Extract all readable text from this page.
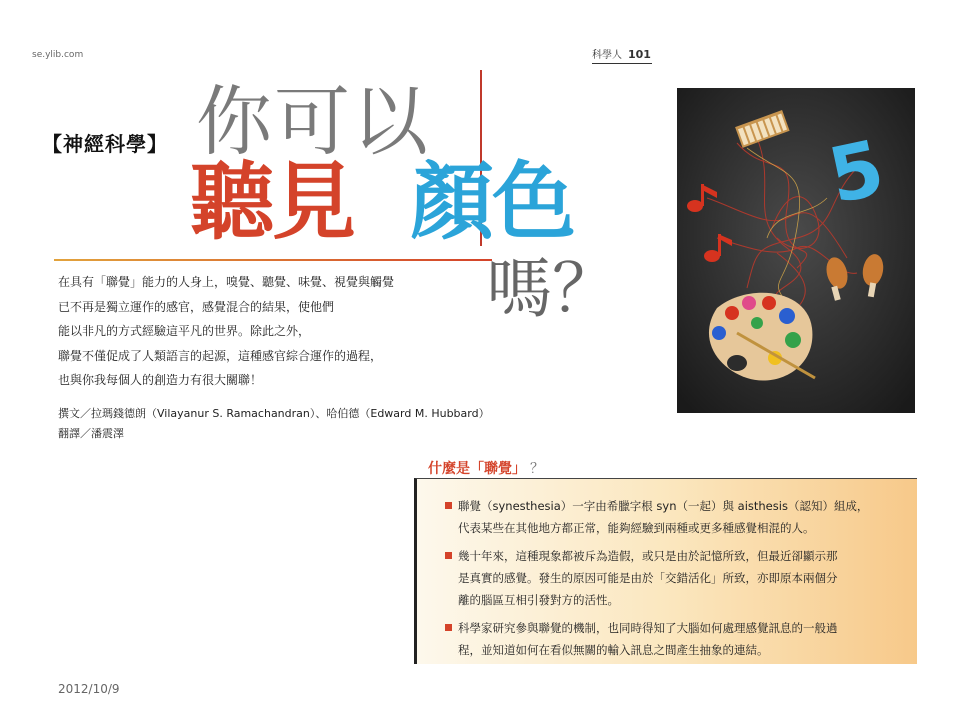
se.ylib.com	科學人 101
【神經科學】 你可以
聽見 顏色
嗎？
在具有「聯覺」能力的人身上，嗅覺、聽覺、味覺、視覺與觸覺
已不再是獨立運作的感官，感覺混合的結果，使他們
能以非凡的方式經驗這平凡的世界。除此之外，
聯覺不僅促成了人類語言的起源，這種感官綜合運作的過程，
也與你我每個人的創造力有很大關聯！
撰文／拉瑪錢德朗（Vilayanur S. Ramachandran）、哈伯德（Edward M. Hubbard）
翻譯／潘震澤
5
什麼是「聯覺」 ？
聯覺（synesthesia）一字由希臘字根 syn（一起）與 aisthesis（認知）組成，
代表某些在其他地方都正常，能夠經驗到兩種或更多種感覺相混的人。
幾十年來，這種現象都被斥為造假，或只是由於記憶所致，但最近卻顯示那
是真實的感覺。發生的原因可能是由於「交錯活化」所致，亦即原本兩個分
離的腦區互相引發對方的活性。
科學家研究參與聯覺的機制，也同時得知了大腦如何處理感覺訊息的一般過
程，並知道如何在看似無關的輸入訊息之間產生抽象的連結。
2012/10/9
